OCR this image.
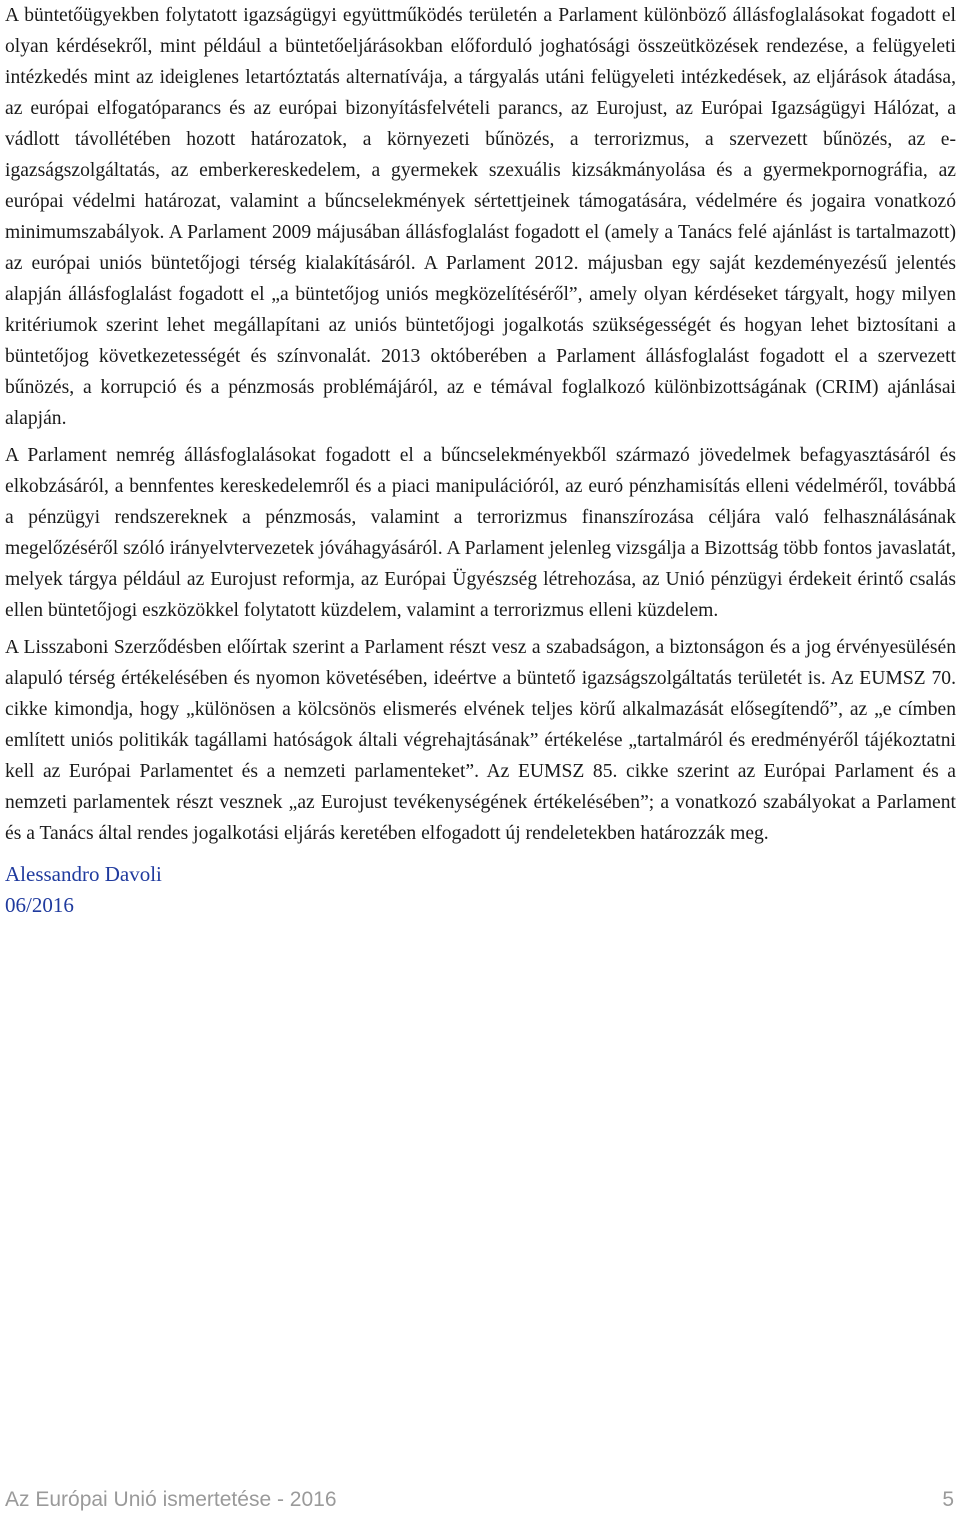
A büntetőügyekben folytatott igazságügyi együttműködés területén a Parlament különböző állásfoglalásokat fogadott el olyan kérdésekről, mint például a büntetőeljárásokban előforduló joghatósági összeütközések rendezése, a felügyeleti intézkedés mint az ideiglenes letartóztatás alternatívája, a tárgyalás utáni felügyeleti intézkedések, az eljárások átadása, az európai elfogatóparancs és az európai bizonyításfelvételi parancs, az Eurojust, az Európai Igazságügyi Hálózat, a vádlott távollétében hozott határozatok, a környezeti bűnözés, a terrorizmus, a szervezett bűnözés, az e-igazságszolgáltatás, az emberkereskedelem, a gyermekek szexuális kizsákmányolása és a gyermekpornográfia, az európai védelmi határozat, valamint a bűncselekmények sértettjeinek támogatására, védelmére és jogaira vonatkozó minimumszabályok. A Parlament 2009 májusában állásfoglalást fogadott el (amely a Tanács felé ajánlást is tartalmazott) az európai uniós büntetőjogi térség kialakításáról. A Parlament 2012. májusban egy saját kezdeményezésű jelentés alapján állásfoglalást fogadott el „a büntetőjog uniós megközelítéséről”, amely olyan kérdéseket tárgyalt, hogy milyen kritériumok szerint lehet megállapítani az uniós büntetőjogi jogalkotás szükségességét és hogyan lehet biztosítani a büntetőjog következetességét és színvonalát. 2013 októberében a Parlament állásfoglalást fogadott el a szervezett bűnözés, a korrupció és a pénzmosás problémájáról, az e témával foglalkozó különbizottságának (CRIM) ajánlásai alapján.

A Parlament nemrég állásfoglalásokat fogadott el a bűncselekményekből származó jövedelmek befagyasztásáról és elkobzásáról, a bennfentes kereskedelemről és a piaci manipulációról, az euró pénzhamisítás elleni védelméről, továbbá a pénzügyi rendszereknek a pénzmosás, valamint a terrorizmus finanszírozása céljára való felhasználásának megelőzéséről szóló irányelvtervezetek jóváhagyásáról. A Parlament jelenleg vizsgálja a Bizottság több fontos javaslatát, melyek tárgya például az Eurojust reformja, az Európai Ügyészség létrehozása, az Unió pénzügyi érdekeit érintő csalás ellen büntetőjogi eszközökkel folytatott küzdelem, valamint a terrorizmus elleni küzdelem.

A Lisszaboni Szerződésben előírtak szerint a Parlament részt vesz a szabadságon, a biztonságon és a jog érvényesülésén alapuló térség értékelésében és nyomon követésében, ideértve a büntető igazságszolgáltatás területét is. Az EUMSZ 70. cikke kimondja, hogy „különösen a kölcsönös elismerés elvének teljes körű alkalmazását elősegítendő”, az „e címben említett uniós politikák tagállami hatóságok általi végrehajtásának” értékelése „tartalmáról és eredményéről tájékoztatni kell az Európai Parlamentet és a nemzeti parlamenteket”. Az EUMSZ 85. cikke szerint az Európai Parlament és a nemzeti parlamentek részt vesznek „az Eurojust tevékenységének értékelésében”; a vonatkozó szabályokat a Parlament és a Tanács által rendes jogalkotási eljárás keretében elfogadott új rendeletekben határozzák meg.

Alessandro Davoli
06/2016
Az Európai Unió ismertetése - 2016	5
